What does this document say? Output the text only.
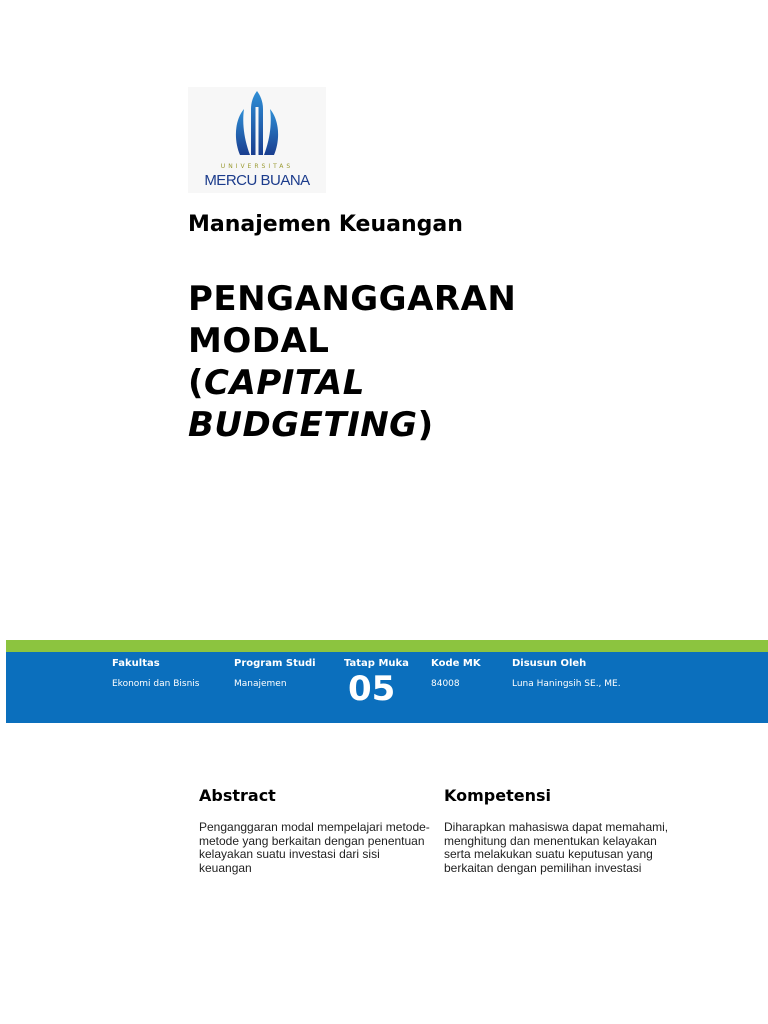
UNIVERSITAS
MERCU BUANA
Manajemen Keuangan
PENGANGGARAN
MODAL
(CAPITAL
BUDGETING)
Fakultas
Ekonomi dan Bisnis
Program Studi
Manajemen
Tatap Muka
05
Kode MK
84008
Disusun Oleh
Luna Haningsih SE., ME.
Abstract

Penganggaran modal mempelajari metode-metode yang berkaitan dengan penentuan kelayakan suatu investasi dari sisi keuangan

Kompetensi

Diharapkan mahasiswa dapat memahami, menghitung dan menentukan kelayakan serta melakukan suatu keputusan yang berkaitan dengan pemilihan investasi
